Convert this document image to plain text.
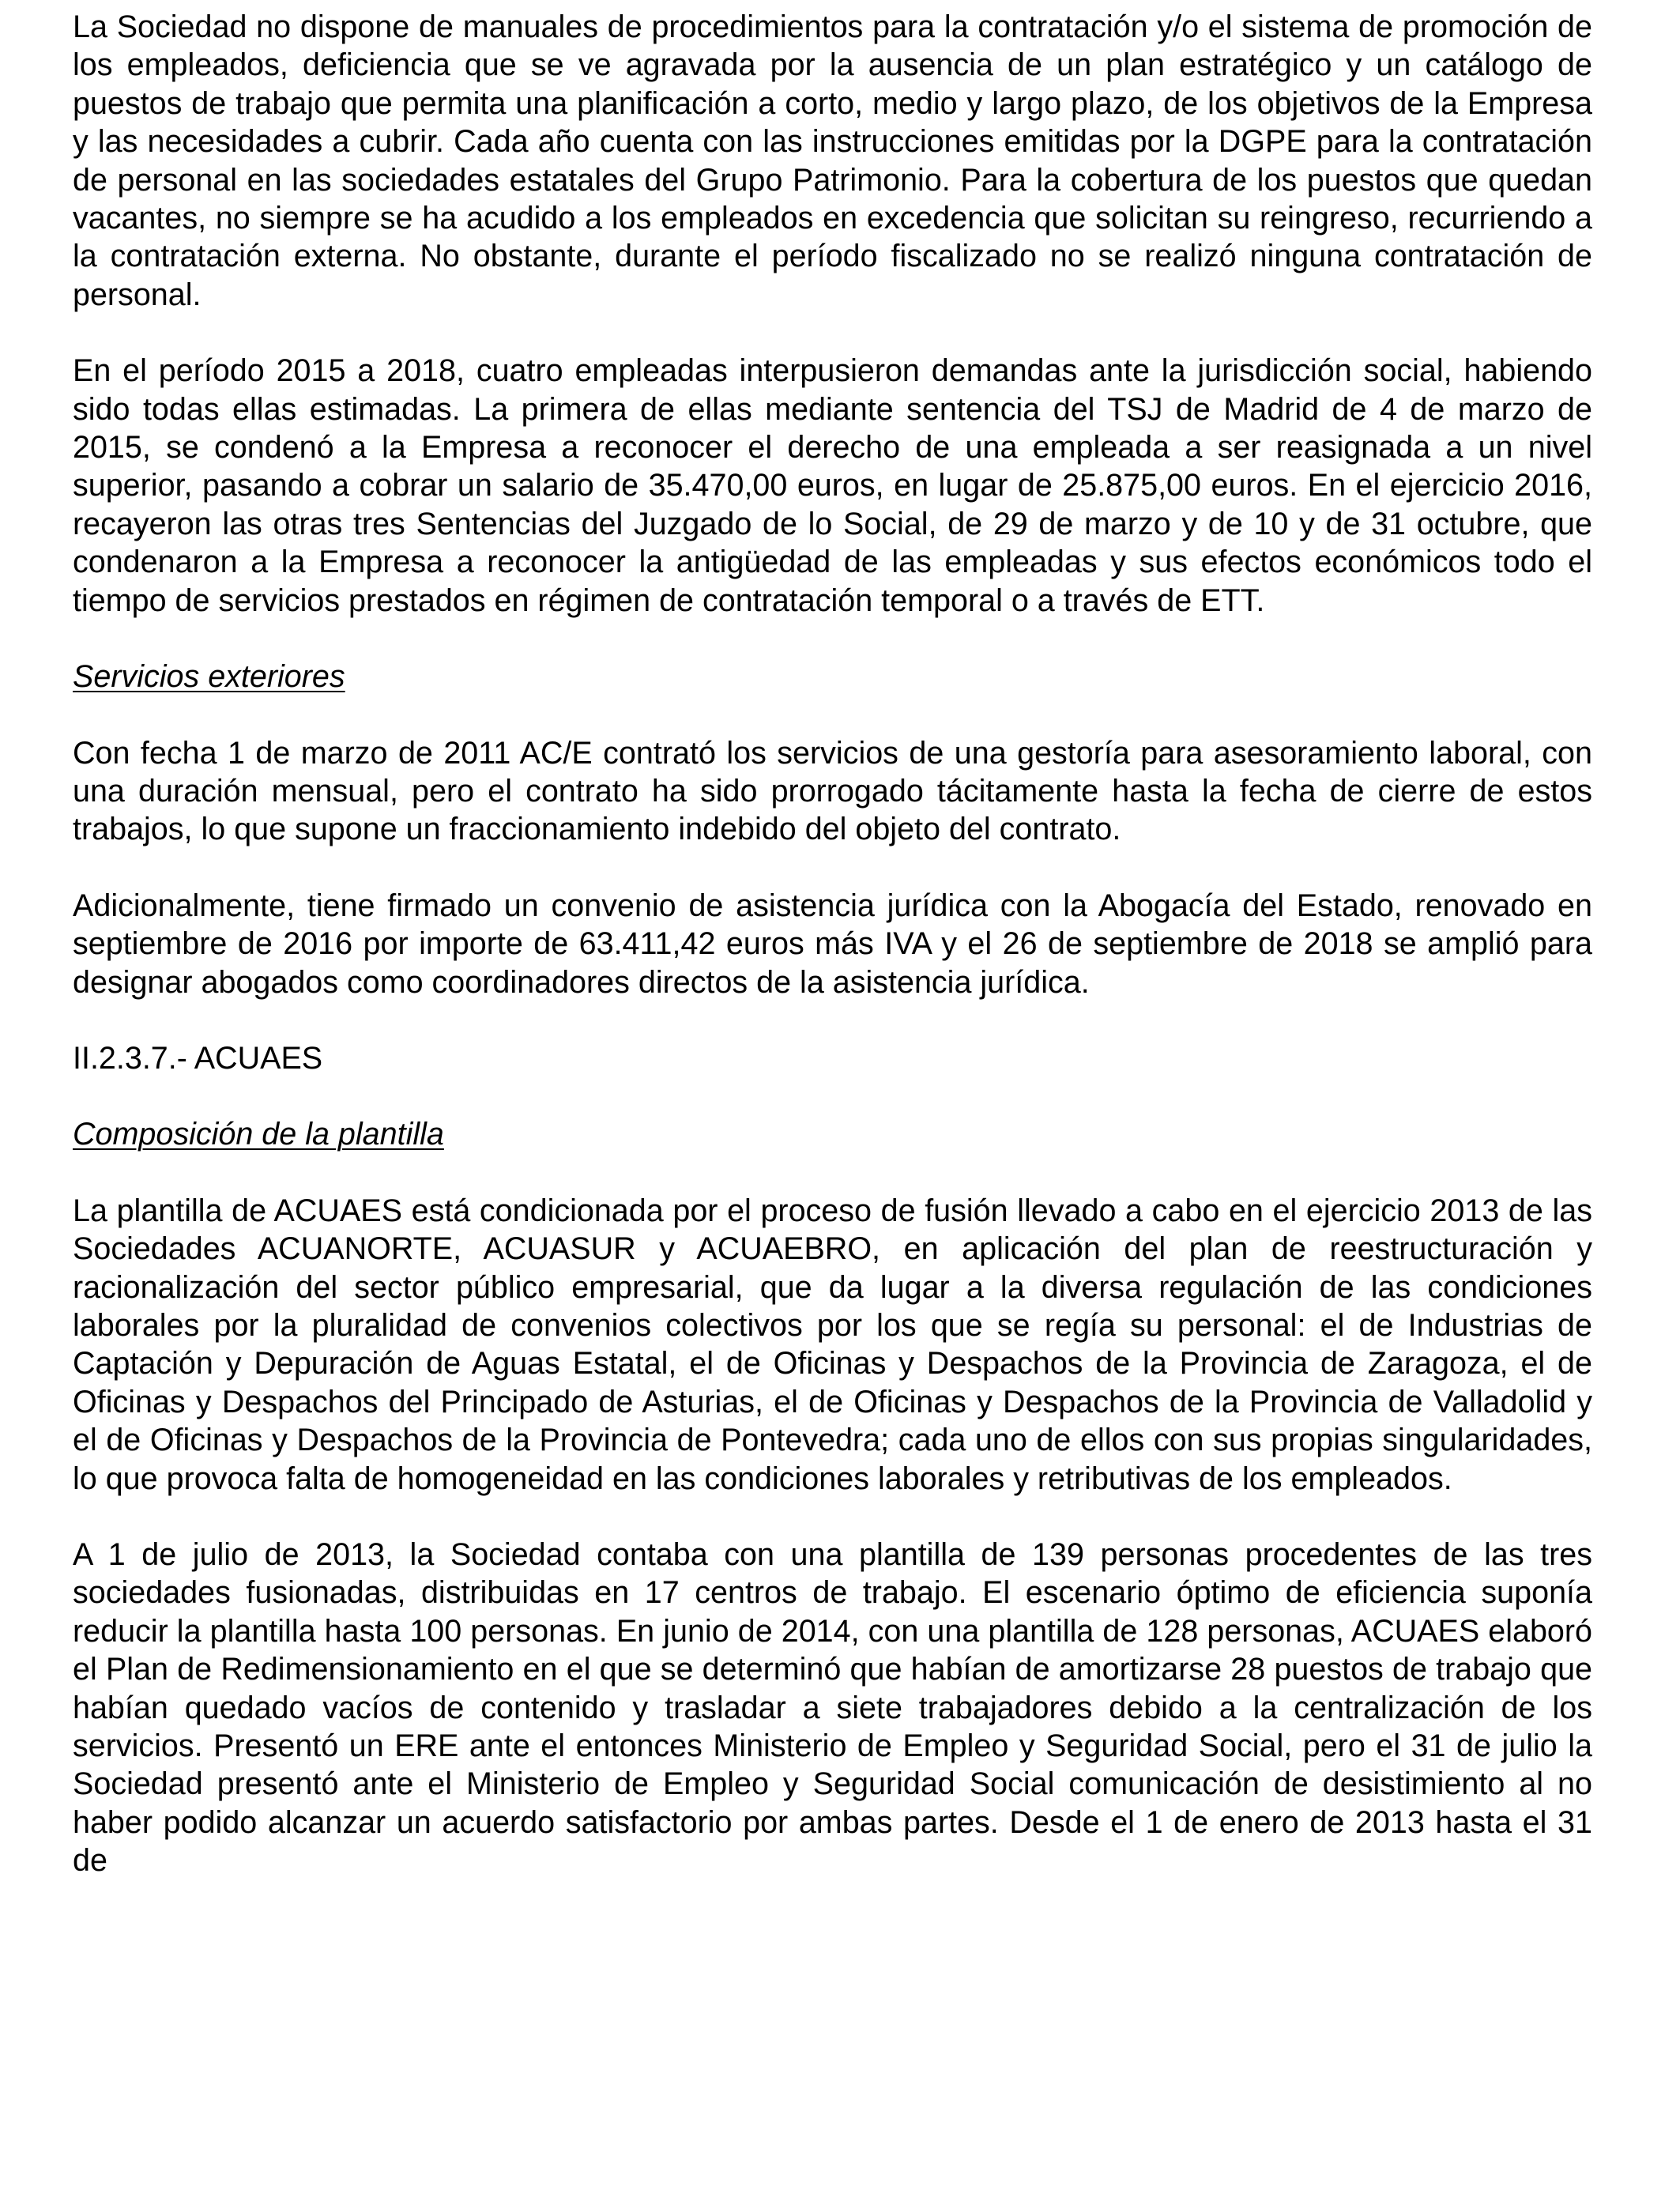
La Sociedad no dispone de manuales de procedimientos para la contratación y/o el sistema de promoción de los empleados, deficiencia que se ve agravada por la ausencia de un plan estratégico y un catálogo de puestos de trabajo que permita una planificación a corto, medio y largo plazo, de los objetivos de la Empresa y las necesidades a cubrir. Cada año cuenta con las instrucciones emitidas por la DGPE para la contratación de personal en las sociedades estatales del Grupo Patrimonio. Para la cobertura de los puestos que quedan vacantes, no siempre se ha acudido a los empleados en excedencia que solicitan su reingreso, recurriendo a la contratación externa. No obstante, durante el período fiscalizado no se realizó ninguna contratación de personal.

En el período 2015 a 2018, cuatro empleadas interpusieron demandas ante la jurisdicción social, habiendo sido todas ellas estimadas. La primera de ellas mediante sentencia del TSJ de Madrid de 4 de marzo de 2015, se condenó a la Empresa a reconocer el derecho de una empleada a ser reasignada a un nivel superior, pasando a cobrar un salario de 35.470,00 euros, en lugar de 25.875,00 euros. En el ejercicio 2016, recayeron las otras tres Sentencias del Juzgado de lo Social, de 29 de marzo y de 10 y de 31 octubre, que condenaron a la Empresa a reconocer la antigüedad de las empleadas y sus efectos económicos todo el tiempo de servicios prestados en régimen de contratación temporal o a través de ETT.

Servicios exteriores

Con fecha 1 de marzo de 2011 AC/E contrató los servicios de una gestoría para asesoramiento laboral, con una duración mensual, pero el contrato ha sido prorrogado tácitamente hasta la fecha de cierre de estos trabajos, lo que supone un fraccionamiento indebido del objeto del contrato.

Adicionalmente, tiene firmado un convenio de asistencia jurídica con la Abogacía del Estado, renovado en septiembre de 2016 por importe de 63.411,42 euros más IVA y el 26 de septiembre de 2018 se amplió para designar abogados como coordinadores directos de la asistencia jurídica.

II.2.3.7.- ACUAES

Composición de la plantilla

La plantilla de ACUAES está condicionada por el proceso de fusión llevado a cabo en el ejercicio 2013 de las Sociedades ACUANORTE, ACUASUR y ACUAEBRO, en aplicación del plan de reestructuración y racionalización del sector público empresarial, que da lugar a la diversa regulación de las condiciones laborales por la pluralidad de convenios colectivos por los que se regía su personal: el de Industrias de Captación y Depuración de Aguas Estatal, el de Oficinas y Despachos de la Provincia de Zaragoza, el de Oficinas y Despachos del Principado de Asturias, el de Oficinas y Despachos de la Provincia de Valladolid y el de Oficinas y Despachos de la Provincia de Pontevedra; cada uno de ellos con sus propias singularidades, lo que provoca falta de homogeneidad en las condiciones laborales y retributivas de los empleados.

A 1 de julio de 2013, la Sociedad contaba con una plantilla de 139 personas procedentes de las tres sociedades fusionadas, distribuidas en 17 centros de trabajo. El escenario óptimo de eficiencia suponía reducir la plantilla hasta 100 personas. En junio de 2014, con una plantilla de 128 personas, ACUAES elaboró el Plan de Redimensionamiento en el que se determinó que habían de amortizarse 28 puestos de trabajo que habían quedado vacíos de contenido y trasladar a siete trabajadores debido a la centralización de los servicios. Presentó un ERE ante el entonces Ministerio de Empleo y Seguridad Social, pero el 31 de julio la Sociedad presentó ante el Ministerio de Empleo y Seguridad Social comunicación de desistimiento al no haber podido alcanzar un acuerdo satisfactorio por ambas partes. Desde el 1 de enero de 2013 hasta el 31 de
